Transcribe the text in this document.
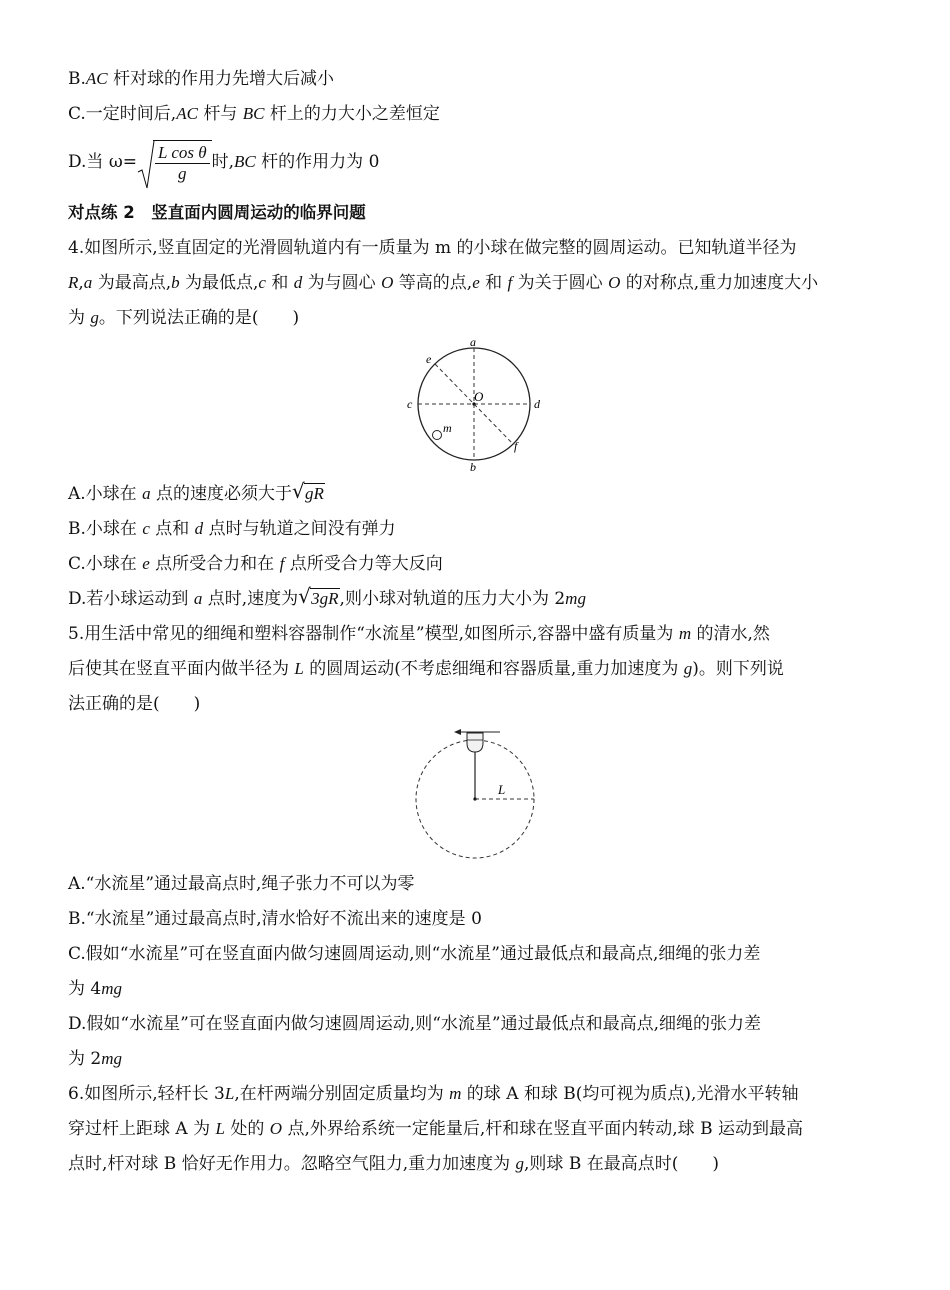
B.AC 杆对球的作用力先增大后减小
C.一定时间后,AC 杆与 BC 杆上的力大小之差恒定
D.当 $\omega= \frac{\text{L cos θ}}{g}$ 时,BC 杆的作用力为 0
对点练 2　竖直面内圆周运动的临界问题
4.如图所示,竖直固定的光滑圆轨道内有一质量为 m 的小球在做完整的圆周运动。已知轨道半径为
R,a 为最高点,b 为最低点,c 和 d 为与圆心 O 等高的点,e 和 f 为关于圆心 O 的对称点,重力加速度大小
为 g。下列说法正确的是(　　)
a
b
c	d
e
f
O
m
A.小球在 a 点的速度必须大于 √ gR
B.小球在 c 点和 d 点时与轨道之间没有弹力
C.小球在 e 点所受合力和在 f 点所受合力等大反向
D.若小球运动到 a 点时,速度为 √ 3gR,则小球对轨道的压力大小为 2mg
5.用生活中常见的细绳和塑料容器制作“水流星”模型,如图所示,容器中盛有质量为 m 的清水,然
后使其在竖直平面内做半径为 L 的圆周运动(不考虑细绳和容器质量,重力加速度为 g)。则下列说
法正确的是(　　)
L
A.“水流星”通过最高点时,绳子张力不可以为零
B.“水流星”通过最高点时,清水恰好不流出来的速度是 0
C.假如“水流星”可在竖直面内做匀速圆周运动,则“水流星”通过最低点和最高点,细绳的张力差
为 4mg
D.假如“水流星”可在竖直面内做匀速圆周运动,则“水流星”通过最低点和最高点,细绳的张力差
为 2mg
6.如图所示,轻杆长 3L,在杆两端分别固定质量均为 m 的球 A 和球 B(均可视为质点),光滑水平转轴
穿过杆上距球 A 为 L 处的 O 点,外界给系统一定能量后,杆和球在竖直平面内转动,球 B 运动到最高
点时,杆对球 B 恰好无作用力。忽略空气阻力,重力加速度为 g,则球 B 在最高点时(　　)
